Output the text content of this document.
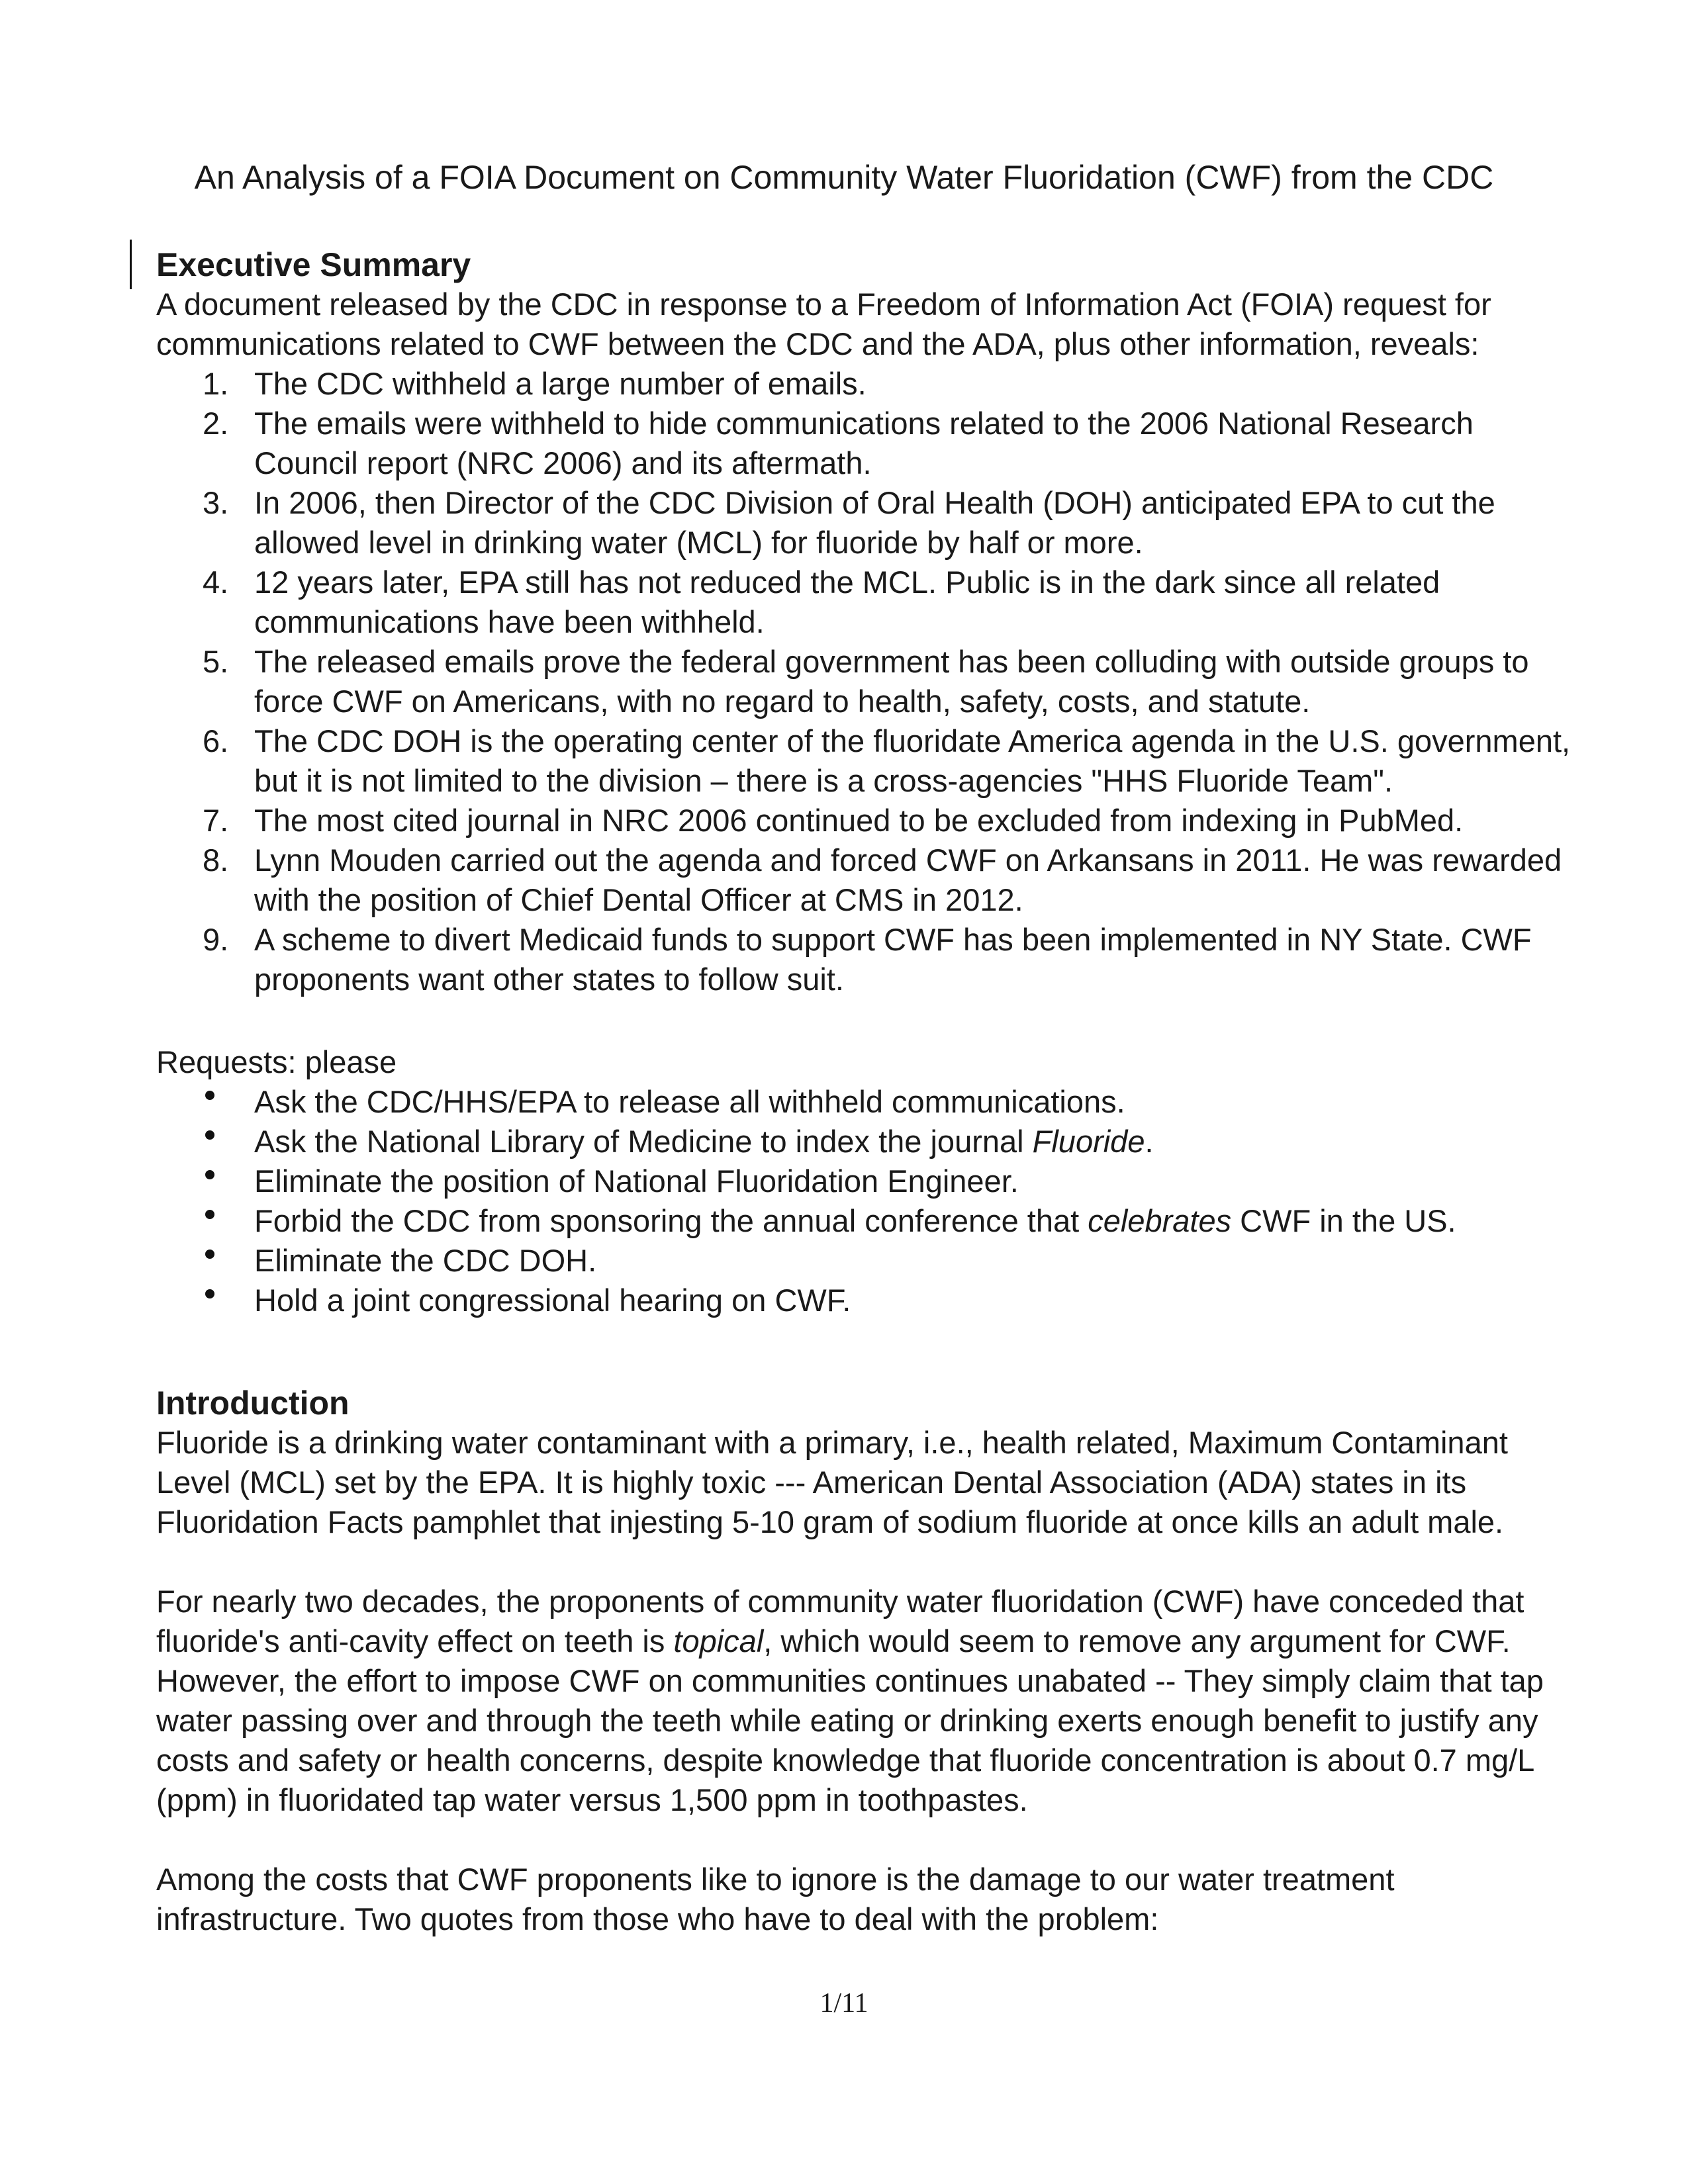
An Analysis of a FOIA Document on Community Water Fluoridation (CWF) from the CDC
Executive Summary
A document released by the CDC in response to a Freedom of Information Act (FOIA) request for
communications related to CWF between the CDC and the ADA, plus other information, reveals:
1. The CDC withheld a large number of emails.
2. The emails were withheld to hide communications related to the 2006 National Research
Council report (NRC 2006) and its aftermath.
3. In 2006, then Director of the CDC Division of Oral Health (DOH) anticipated EPA to cut the
allowed level in drinking water (MCL) for fluoride by half or more.
4. 12 years later, EPA still has not reduced the MCL. Public is in the dark since all related
communications have been withheld.
5. The released emails prove the federal government has been colluding with outside groups to
force CWF on Americans, with no regard to health, safety, costs, and statute.
6. The CDC DOH is the operating center of the fluoridate America agenda in the U.S. government,
but it is not limited to the division – there is a cross-agencies "HHS Fluoride Team".
7. The most cited journal in NRC 2006 continued to be excluded from indexing in PubMed.
8. Lynn Mouden carried out the agenda and forced CWF on Arkansans in 2011. He was rewarded
with the position of Chief Dental Officer at CMS in 2012.
9. A scheme to divert Medicaid funds to support CWF has been implemented in NY State. CWF
proponents want other states to follow suit.
Requests: please
Ask the CDC/HHS/EPA to release all withheld communications.
Ask the National Library of Medicine to index the journal Fluoride.
Eliminate the position of National Fluoridation Engineer.
Forbid the CDC from sponsoring the annual conference that celebrates CWF in the US.
Eliminate the CDC DOH.
Hold a joint congressional hearing on CWF.
Introduction
Fluoride is a drinking water contaminant with a primary, i.e., health related, Maximum Contaminant
Level (MCL) set by the EPA. It is highly toxic --- American Dental Association (ADA) states in its
Fluoridation Facts pamphlet that injesting 5-10 gram of sodium fluoride at once kills an adult male.
For nearly two decades, the proponents of community water fluoridation (CWF) have conceded that
fluoride's anti-cavity effect on teeth is topical, which would seem to remove any argument for CWF.
However, the effort to impose CWF on communities continues unabated -- They simply claim that tap
water passing over and through the teeth while eating or drinking exerts enough benefit to justify any
costs and safety or health concerns, despite knowledge that fluoride concentration is about 0.7 mg/L
(ppm) in fluoridated tap water versus 1,500 ppm in toothpastes.
Among the costs that CWF proponents like to ignore is the damage to our water treatment
infrastructure. Two quotes from those who have to deal with the problem:
1/11
